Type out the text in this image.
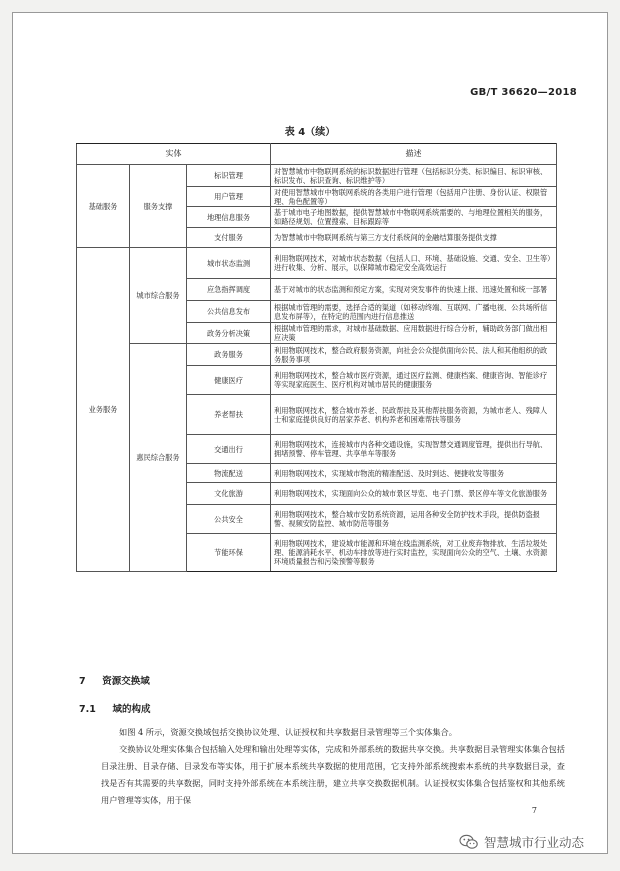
GB/T 36620—2018
表 4（续）
实体			描述
基础服务	服务支撑	标识管理	对智慧城市中物联网系统的标识数据进行管理（包括标识分类、标识编目、标识审核、标识发布、标识查询、标识维护等）
		用户管理	对使用智慧城市中物联网系统的各类用户进行管理（包括用户注册、身份认证、权限管理、角色配置等）
		地理信息服务	基于城市电子地图数据，提供智慧城市中物联网系统需要的、与地理位置相关的服务，如路径规划、位置搜索、目标跟踪等
		支付服务	为智慧城市中物联网系统与第三方支付系统间的金融结算服务提供支撑
业务服务	城市综合服务	城市状态监测	利用物联网技术，对城市状态数据（包括人口、环境、基础设施、交通、安全、卫生等）进行收集、分析、展示，以保障城市稳定安全高效运行
		应急指挥调度	基于对城市的状态监测和预定方案，实现对突发事件的快速上报、迅速处置和统一部署
		公共信息发布	根据城市管理的需要，选择合适的渠道（如移动终端、互联网、广播电视、公共场所信息发布屏等），在特定的范围内进行信息推送
		政务分析决策	根据城市管理的需求，对城市基础数据、应用数据进行综合分析，辅助政务部门做出相应决策
	惠民综合服务	政务服务	利用物联网技术，整合政府服务资源，向社会公众提供面向公民、法人和其他组织的政务服务事项
		健康医疗	利用物联网技术，整合城市医疗资源，通过医疗监测、健康档案、健康咨询、智能诊疗等实现家庭医生、医疗机构对城市居民的健康服务
		养老帮扶	利用物联网技术，整合城市养老、民政帮扶及其他帮扶服务资源，为城市老人、残障人士和家庭提供良好的居家养老、机构养老和困难帮扶等服务
		交通出行	利用物联网技术，连接城市内各种交通设施，实现智慧交通调度管理，提供出行导航、拥堵预警、停车管理、共享单车等服务
		物流配送	利用物联网技术，实现城市物流的精准配送、及时到达、便捷收发等服务
		文化旅游	利用物联网技术，实现面向公众的城市景区导览、电子门票、景区停车等文化旅游服务
		公共安全	利用物联网技术，整合城市安防系统资源，运用各种安全防护技术手段，提供防盗报警、视频安防监控、城市防范等服务
		节能环保	利用物联网技术，建设城市能源和环境在线监测系统，对工业废弃物排放、生活垃圾处理、能源消耗水平、机动车排放等进行实时监控，实现面向公众的空气、土壤、水资源环境质量报告和污染预警等服务
7 资源交换域
7.1 域的构成
如图 4 所示，资源交换域包括交换协议处理、认证授权和共享数据目录管理等三个实体集合。
交换协议处理实体集合包括输入处理和输出处理等实体，完成和外部系统的数据共享交换。共享数据目录管理实体集合包括目录注册、目录存储、目录发布等实体，用于扩展本系统共享数据的使用范围，它支持外部系统搜索本系统的共享数据目录，查找是否有其需要的共享数据，同时支持外部系统在本系统注册，建立共享交换数据机制。认证授权实体集合包括鉴权和其他系统用户管理等实体，用于保
7
智慧城市行业动态
